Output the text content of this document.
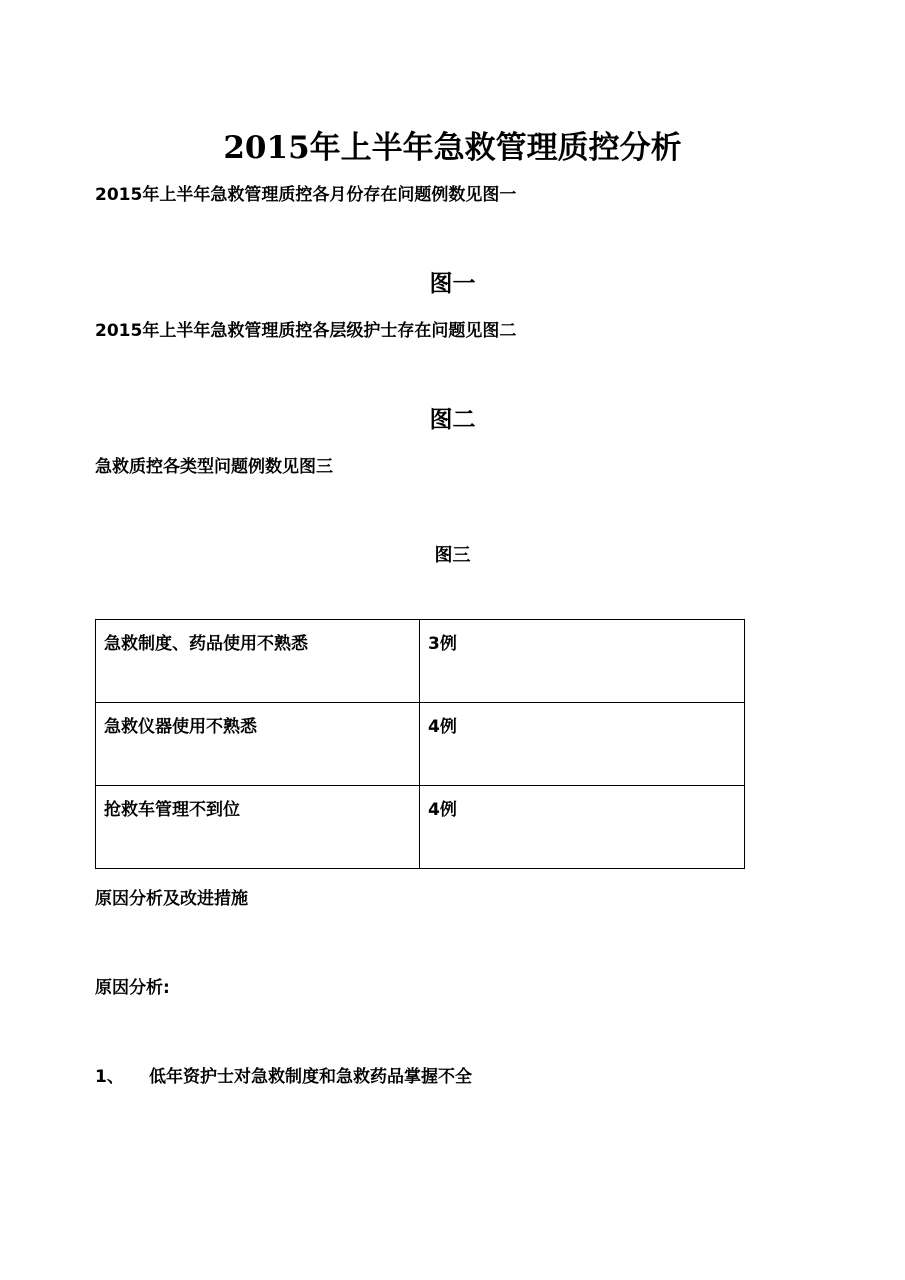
2015年上半年急救管理质控分析
2015年上半年急救管理质控各月份存在问题例数见图一
图一
2015年上半年急救管理质控各层级护士存在问题见图二
图二
急救质控各类型问题例数见图三
图三
急救制度、药品使用不熟悉	3例
急救仪器使用不熟悉	4例
抢救车管理不到位	4例
原因分析及改进措施
原因分析:
1、 低年资护士对急救制度和急救药品掌握不全
